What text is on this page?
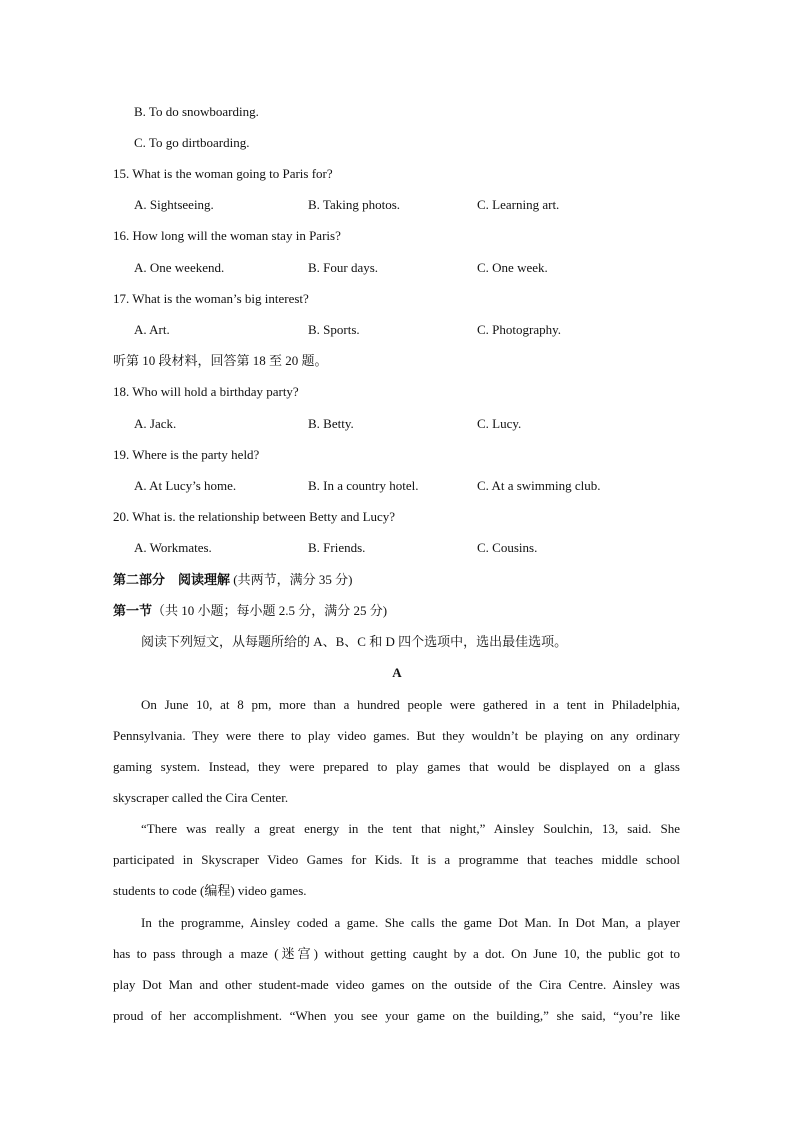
B. To do snowboarding.
C. To go dirtboarding.
15. What is the woman going to Paris for?
A. Sightseeing.	B. Taking photos.	C. Learning art.
16. How long will the woman stay in Paris?
A. One weekend.	B. Four days.	C. One week.
17. What is the woman’s big interest?
A. Art.	B. Sports.	C. Photography.
听第 10 段材料，回答第 18 至 20 题。
18. Who will hold a birthday party?
A. Jack.	B. Betty.	C. Lucy.
19. Where is the party held?
A. At Lucy’s home.	B. In a country hotel.	C. At a swimming club.
20. What is. the relationship between Betty and Lucy?
A. Workmates.	B. Friends.	C. Cousins.
第二部分　阅读理解 (共两节，满分 35 分)
第一节（共 10 小题；每小题 2.5 分，满分 25 分)
阅读下列短文，从每题所给的 A、B、C 和 D 四个选项中，选出最佳选项。
A
On June 10, at 8 pm, more than a hundred people were gathered in a tent in Philadelphia,
Pennsylvania. They were there to play video games. But they wouldn’t be playing on any ordinary
gaming system. Instead, they were prepared to play games that would be displayed on a glass
skyscraper called the Cira Center.
“There was really a great energy in the tent that night,” Ainsley Soulchin, 13, said. She
participated in Skyscraper Video Games for Kids. It is a programme that teaches middle school
students to code (编程) video games.
In the programme, Ainsley coded a game. She calls the game Dot Man. In Dot Man, a player
has to pass through a maze (迷宫) without getting caught by a dot. On June 10, the public got to
play Dot Man and other student-made video games on the outside of the Cira Centre. Ainsley was
proud of her accomplishment. “When you see your game on the building,” she said, “you’re like
